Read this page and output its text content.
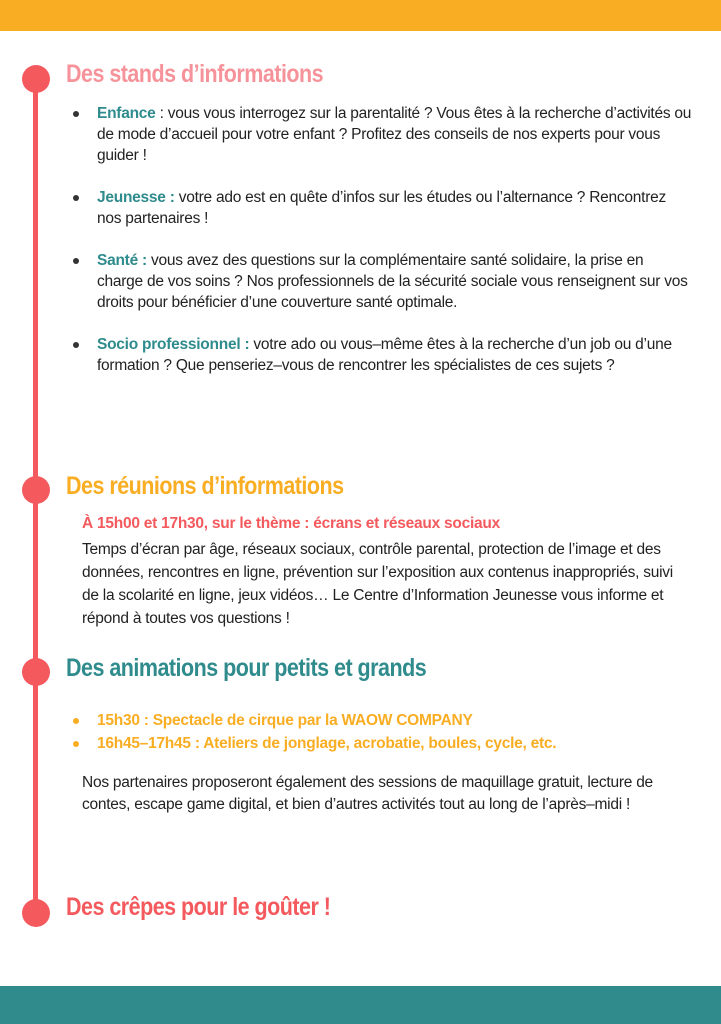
Des stands d’informations
Enfance : vous vous interrogez sur la parentalité ? Vous êtes à la recherche d’activités ou de mode d’accueil pour votre enfant ? Profitez des conseils de nos experts pour vous guider !
Jeunesse : votre ado est en quête d’infos sur les études ou l’alternance ? Rencontrez nos partenaires !
Santé : vous avez des questions sur la complémentaire santé solidaire, la prise en charge de vos soins ? Nos professionnels de la sécurité sociale vous renseignent sur vos droits pour bénéficier d’une couverture santé optimale.
Socio professionnel : votre ado ou vous–même êtes à la recherche d’un job ou d’une formation ? Que penseriez–vous de rencontrer les spécialistes de ces sujets ?
Des réunions d’informations

À 15h00 et 17h30, sur le thème : écrans et réseaux sociaux

Temps d’écran par âge, réseaux sociaux, contrôle parental, protection de l’image et des données, rencontres en ligne, prévention sur l’exposition aux contenus inappropriés, suivi de la scolarité en ligne, jeux vidéos… Le Centre d’Information Jeunesse vous informe et répond à toutes vos questions !

Des animations pour petits et grands
15h30 : Spectacle de cirque par la WAOW COMPANY
16h45–17h45 : Ateliers de jonglage, acrobatie, boules, cycle, etc.

Nos partenaires proposeront également des sessions de maquillage gratuit, lecture de contes, escape game digital, et bien d’autres activités tout au long de l’après–midi !

Des crêpes pour le goûter !
